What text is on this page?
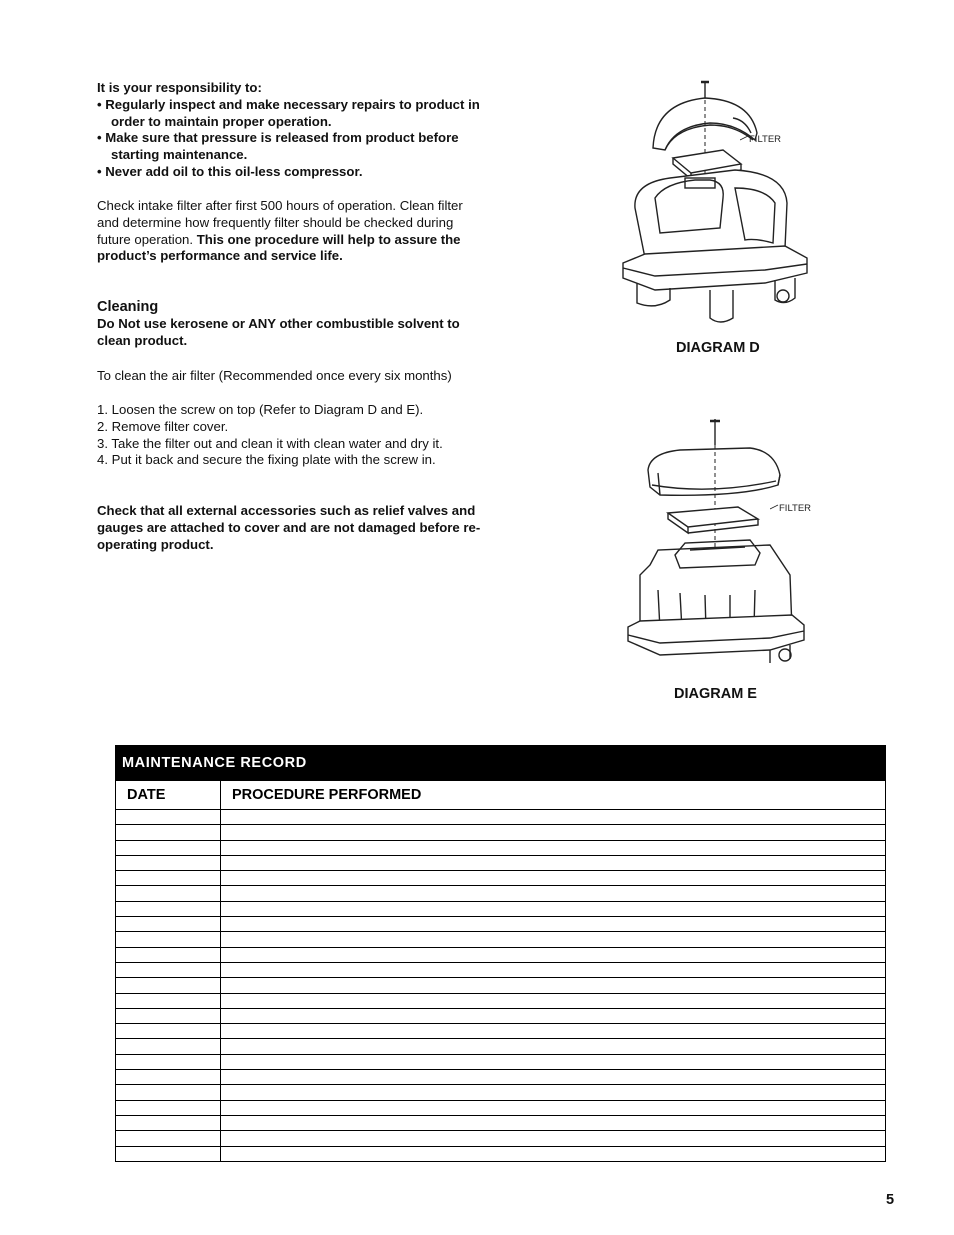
It is your responsibility to:
• Regularly inspect and make necessary repairs to product in order to maintain proper operation.
• Make sure that pressure is released from product before starting maintenance.
• Never add oil to this oil-less compressor.
Check intake filter after first 500 hours of operation. Clean filter and determine how frequently filter should be checked during future operation. This one procedure will help to assure the product’s performance and service life.
Cleaning
Do Not use kerosene or ANY other combustible solvent to clean product.
To clean the air filter (Recommended once every six months)
1. Loosen the screw on top (Refer to Diagram D and E).
2. Remove filter cover.
3. Take the filter out and clean it with clean water and dry it.
4. Put it back and secure the fixing plate with the screw in.
Check that all external accessories such as relief valves and gauges are attached to cover and are not damaged before re-operating product.
FILTER
DIAGRAM D
FILTER
DIAGRAM E
MAINTENANCE RECORD	
DATE	PROCEDURE PERFORMED

5
